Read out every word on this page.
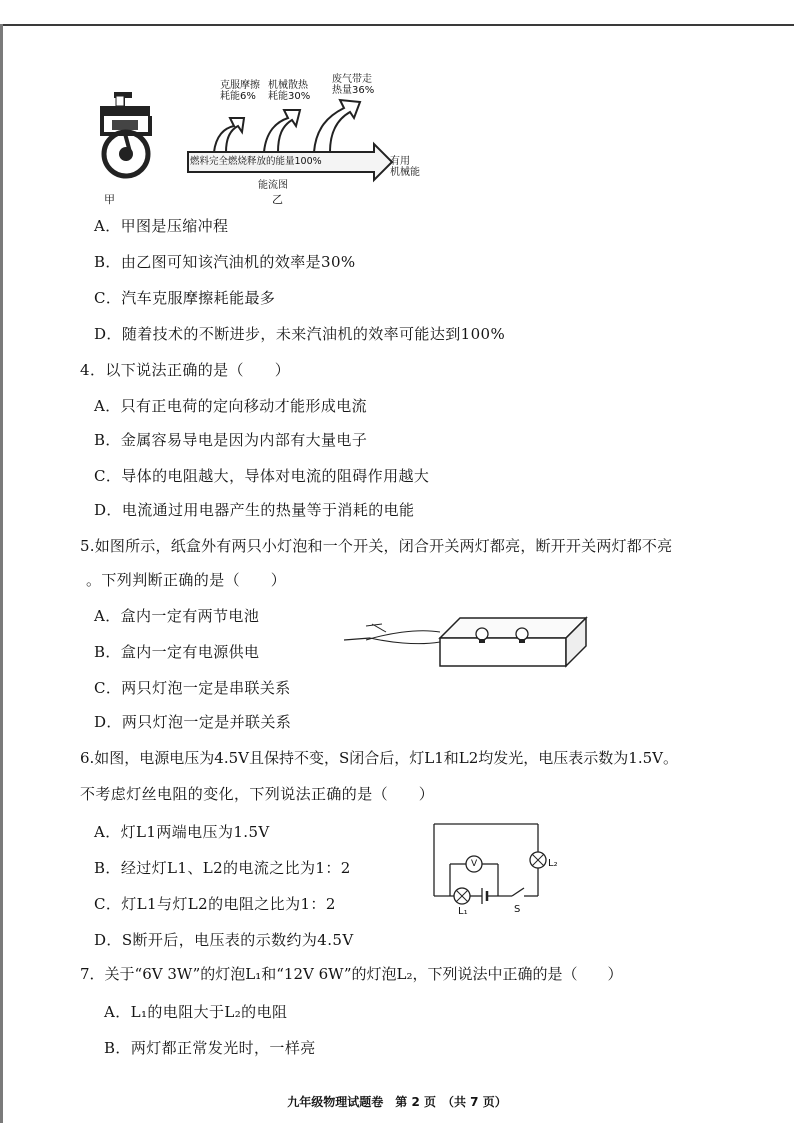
甲
克服摩擦
耗能6%
机械散热
耗能30%
废气带走
热量36%
燃料完全燃烧释放的能量100%	有用
机械能
能流图
乙
A．甲图是压缩冲程
B．由乙图可知该汽油机的效率是30%
C．汽车克服摩擦耗能最多
D．随着技术的不断进步，未来汽油机的效率可能达到100%
4．以下说法正确的是（　　）
A．只有正电荷的定向移动才能形成电流
B．金属容易导电是因为内部有大量电子
C．导体的电阻越大，导体对电流的阻碍作用越大
D．电流通过用电器产生的热量等于消耗的电能
5.如图所示，纸盒外有两只小灯泡和一个开关，闭合开关两灯都亮，断开开关两灯都不亮
。下列判断正确的是（　　）
A．盒内一定有两节电池
B．盒内一定有电源供电
C．两只灯泡一定是串联关系
D．两只灯泡一定是并联关系
6.如图，电源电压为4.5V且保持不变，S闭合后，灯L1和L2均发光，电压表示数为1.5V。
不考虑灯丝电阻的变化，下列说法正确的是（　　）
A．灯L1两端电压为1.5V
B．经过灯L1、L2的电流之比为1：2
C．灯L1与灯L2的电阻之比为1：2
D．S断开后，电压表的示数约为4.5V
V	L₂
L₁	S
7．关于“6V 3W”的灯泡L₁和“12V 6W”的灯泡L₂，下列说法中正确的是（　　）
A．L₁的电阻大于L₂的电阻
B．两灯都正常发光时，一样亮
九年级物理试题卷　第 2 页　（共 7 页）
